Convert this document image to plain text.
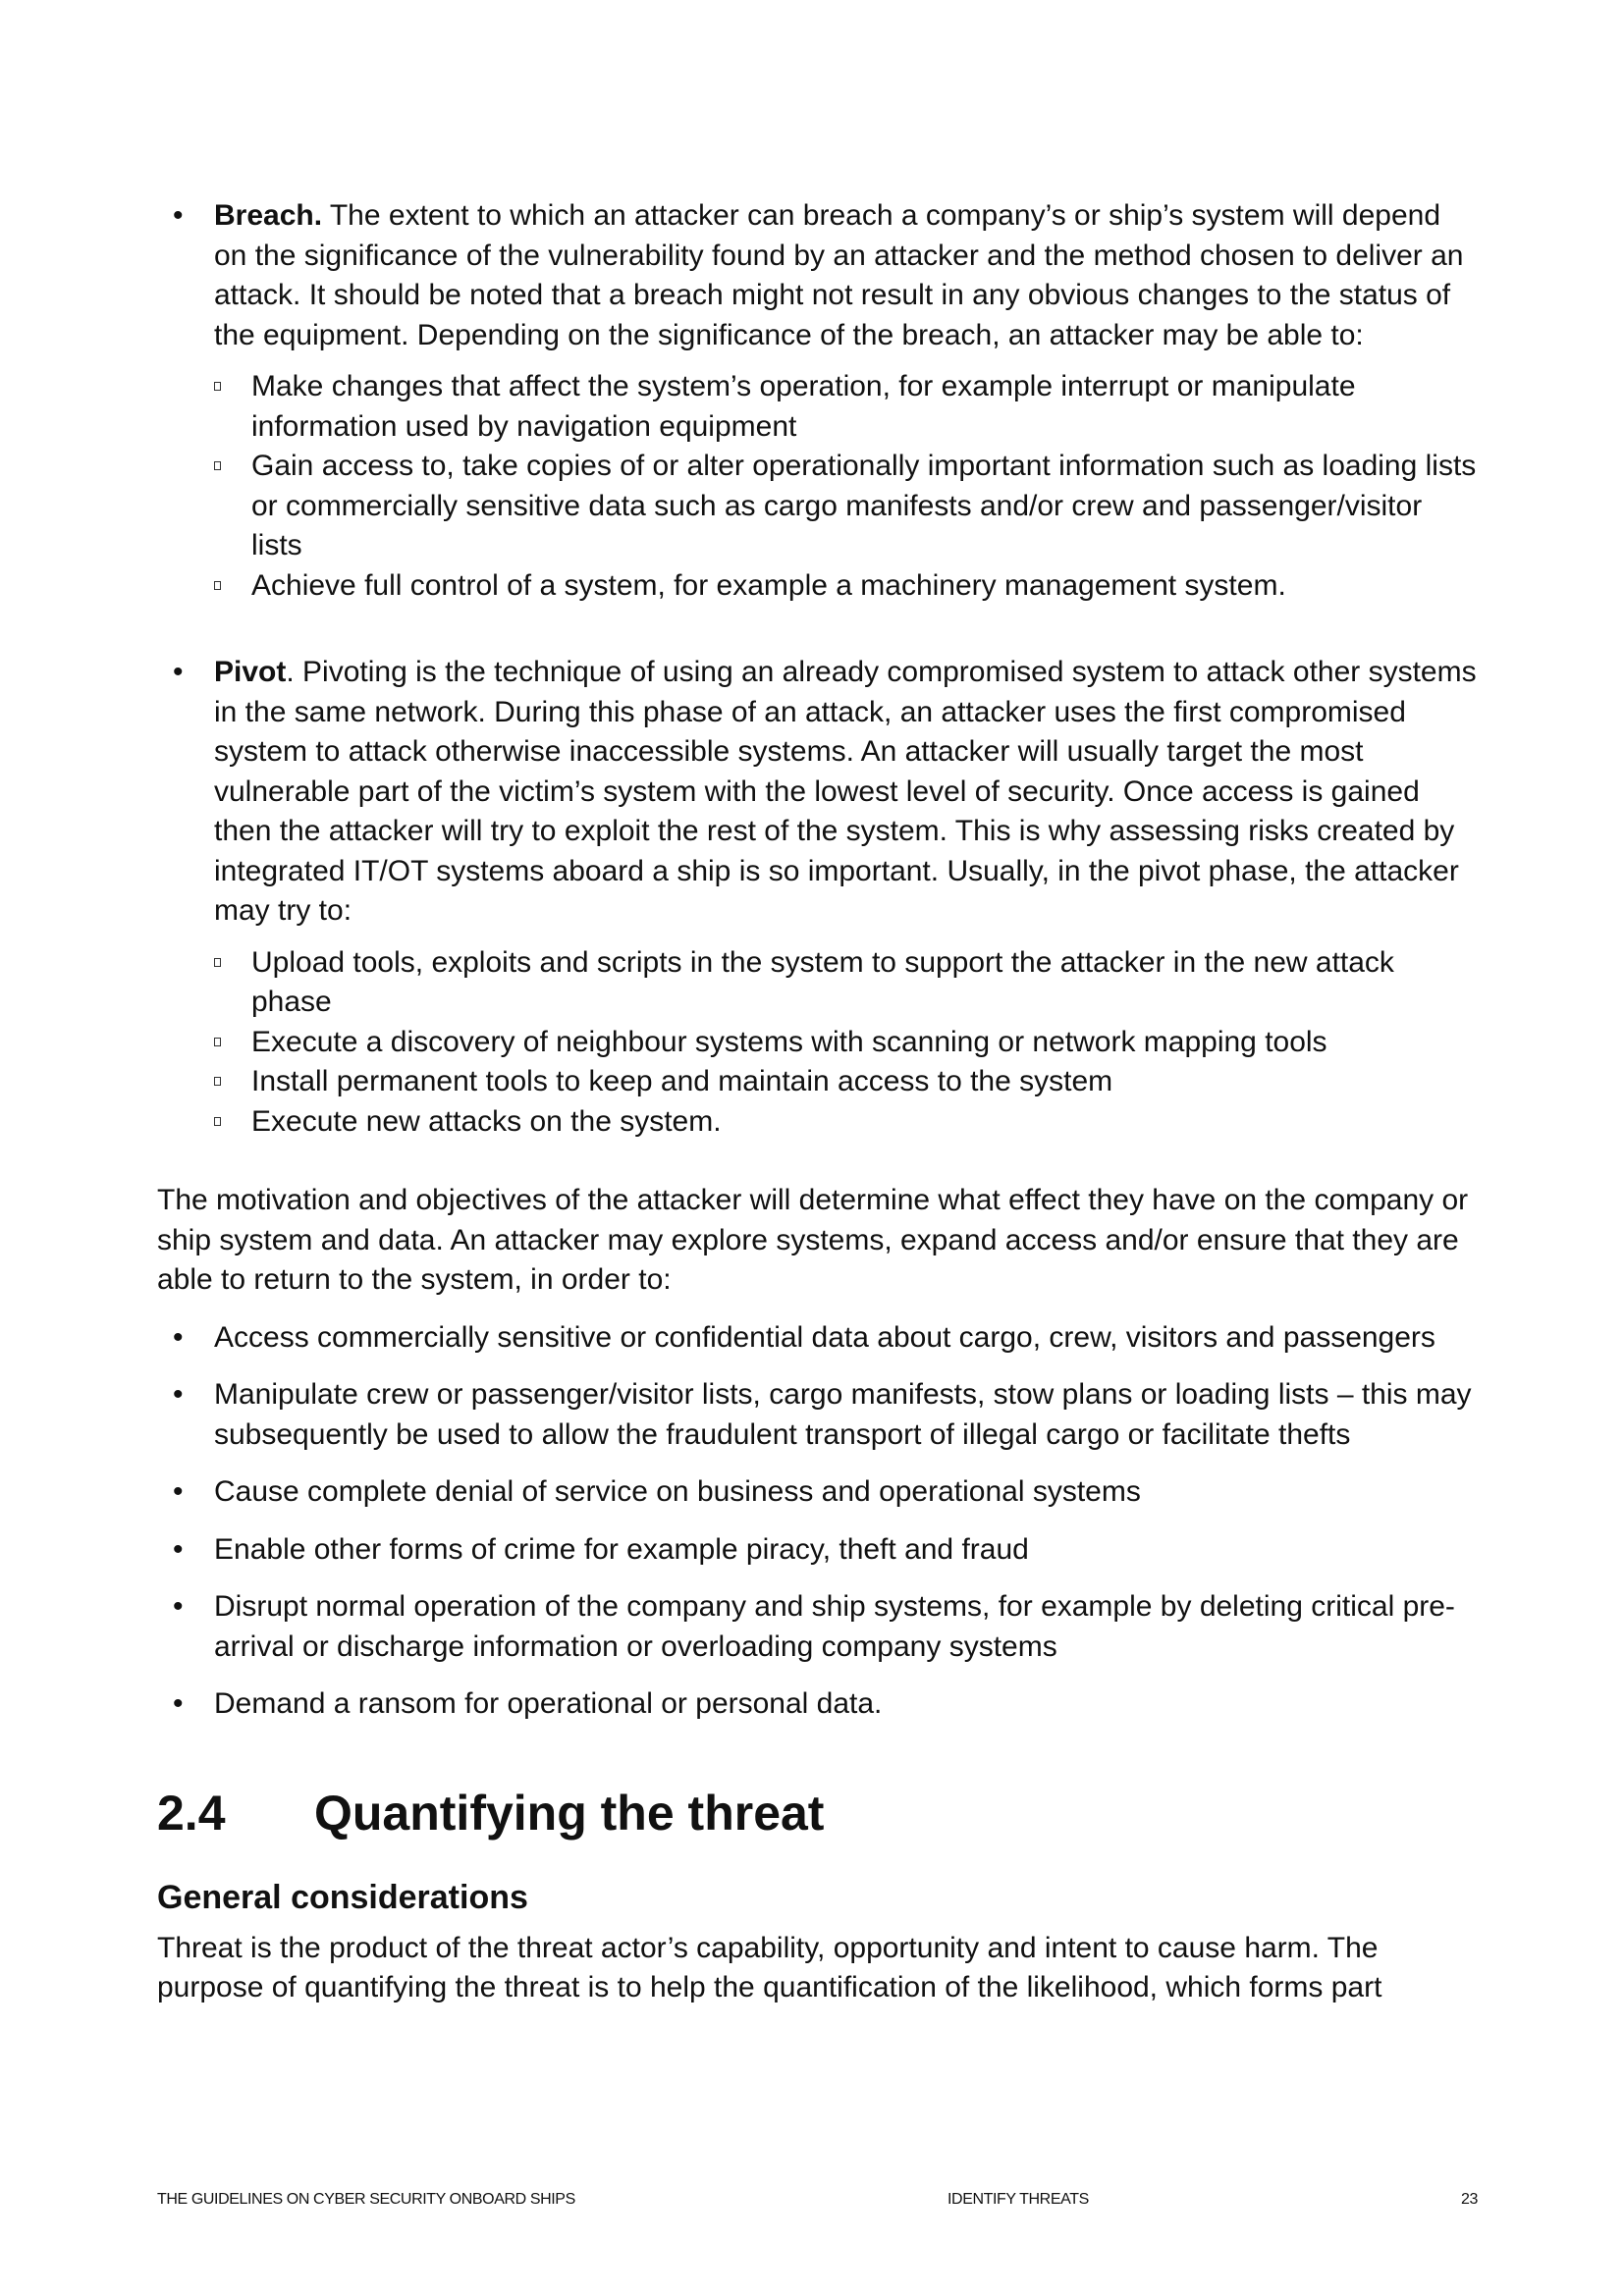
• Breach. The extent to which an attacker can breach a company’s or ship’s system will depend on the significance of the vulnerability found by an attacker and the method chosen to deliver an attack. It should be noted that a breach might not result in any obvious changes to the status of the equipment. Depending on the significance of the breach, an attacker may be able to:
Make changes that affect the system’s operation, for example interrupt or manipulate information used by navigation equipment
Gain access to, take copies of or alter operationally important information such as loading lists or commercially sensitive data such as cargo manifests and/or crew and passenger/visitor lists
Achieve full control of a system, for example a machinery management system.
• Pivot. Pivoting is the technique of using an already compromised system to attack other systems in the same network. During this phase of an attack, an attacker uses the first compromised system to attack otherwise inaccessible systems. An attacker will usually target the most vulnerable part of the victim’s system with the lowest level of security. Once access is gained then the attacker will try to exploit the rest of the system. This is why assessing risks created by integrated IT/OT systems aboard a ship is so important. Usually, in the pivot phase, the attacker may try to:
Upload tools, exploits and scripts in the system to support the attacker in the new attack phase
Execute a discovery of neighbour systems with scanning or network mapping tools
Install permanent tools to keep and maintain access to the system
Execute new attacks on the system.

The motivation and objectives of the attacker will determine what effect they have on the company or ship system and data. An attacker may explore systems, expand access and/or ensure that they are able to return to the system, in order to:

• Access commercially sensitive or confidential data about cargo, crew, visitors and passengers
• Manipulate crew or passenger/visitor lists, cargo manifests, stow plans or loading lists – this may subsequently be used to allow the fraudulent transport of illegal cargo or facilitate thefts
• Cause complete denial of service on business and operational systems
• Enable other forms of crime for example piracy, theft and fraud
• Disrupt normal operation of the company and ship systems, for example by deleting critical pre-arrival or discharge information or overloading company systems
• Demand a ransom for operational or personal data.
2.4	Quantifying the threat
General considerations

Threat is the product of the threat actor’s capability, opportunity and intent to cause harm. The purpose of quantifying the threat is to help the quantification of the likelihood, which forms part

THE GUIDELINES ON CYBER SECURITY ONBOARD SHIPS	IDENTIFY THREATS	23
